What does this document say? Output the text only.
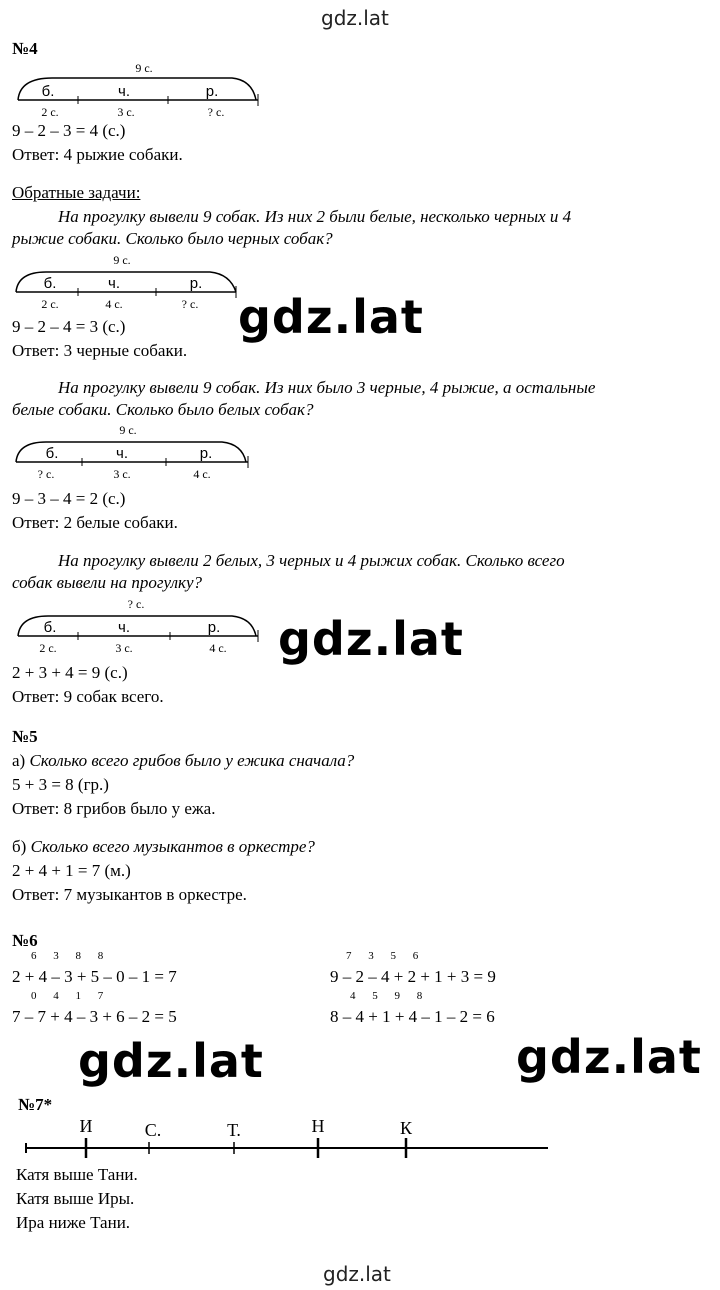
gdz.lat
№4
9 с.
б.	ч.	р.
2 с.	3 с.	? с.
9 – 2 – 3 = 4 (с.)
Ответ: 4 рыжие собаки.
Обратные задачи:
На прогулку вывели 9 собак. Из них 2 были белые, несколько черных и 4
рыжие собаки. Сколько было черных собак?
9 с.
б.	ч.	р.
2 с.	4 с.	? с. gdz.lat
9 – 2 – 4 = 3 (с.)
Ответ: 3 черные собаки.
На прогулку вывели 9 собак. Из них было 3 черные, 4 рыжие, а остальные
белые собаки. Сколько было белых собак?
9 с.
б.	ч.	р.
? с.	3 с.	4 с.
9 – 3 – 4 = 2 (с.)
Ответ: 2 белые собаки.
На прогулку вывели 2 белых, 3 черных и 4 рыжих собак. Сколько всего
собак вывели на прогулку?
? с.
б.	ч.	р.
2 с.	3 с.	4 с. gdz.lat
2 + 3 + 4 = 9 (с.)
Ответ: 9 собак всего.
№5
а) Сколько всего грибов было у ежика сначала?
5 + 3 = 8 (гр.)
Ответ: 8 грибов было у ежа.
б) Сколько всего музыкантов в оркестре?
2 + 4 + 1 = 7 (м.)
Ответ: 7 музыкантов в оркестре.
№6
6 3 8 8
2 + 4 – 3 + 5 – 0 – 1 = 7
0 4 1 7
7 – 7 + 4 – 3 + 6 – 2 = 5
7 3 5 6
9 – 2 – 4 + 2 + 1 + 3 = 9
4 5 9 8
8 – 4 + 1 + 4 – 1 – 2 = 6
gdz.lat	gdz.lat
№7*
И	С.	Т.	Н	К
Катя выше Тани.
Катя выше Иры.
Ира ниже Тани.
gdz.lat
